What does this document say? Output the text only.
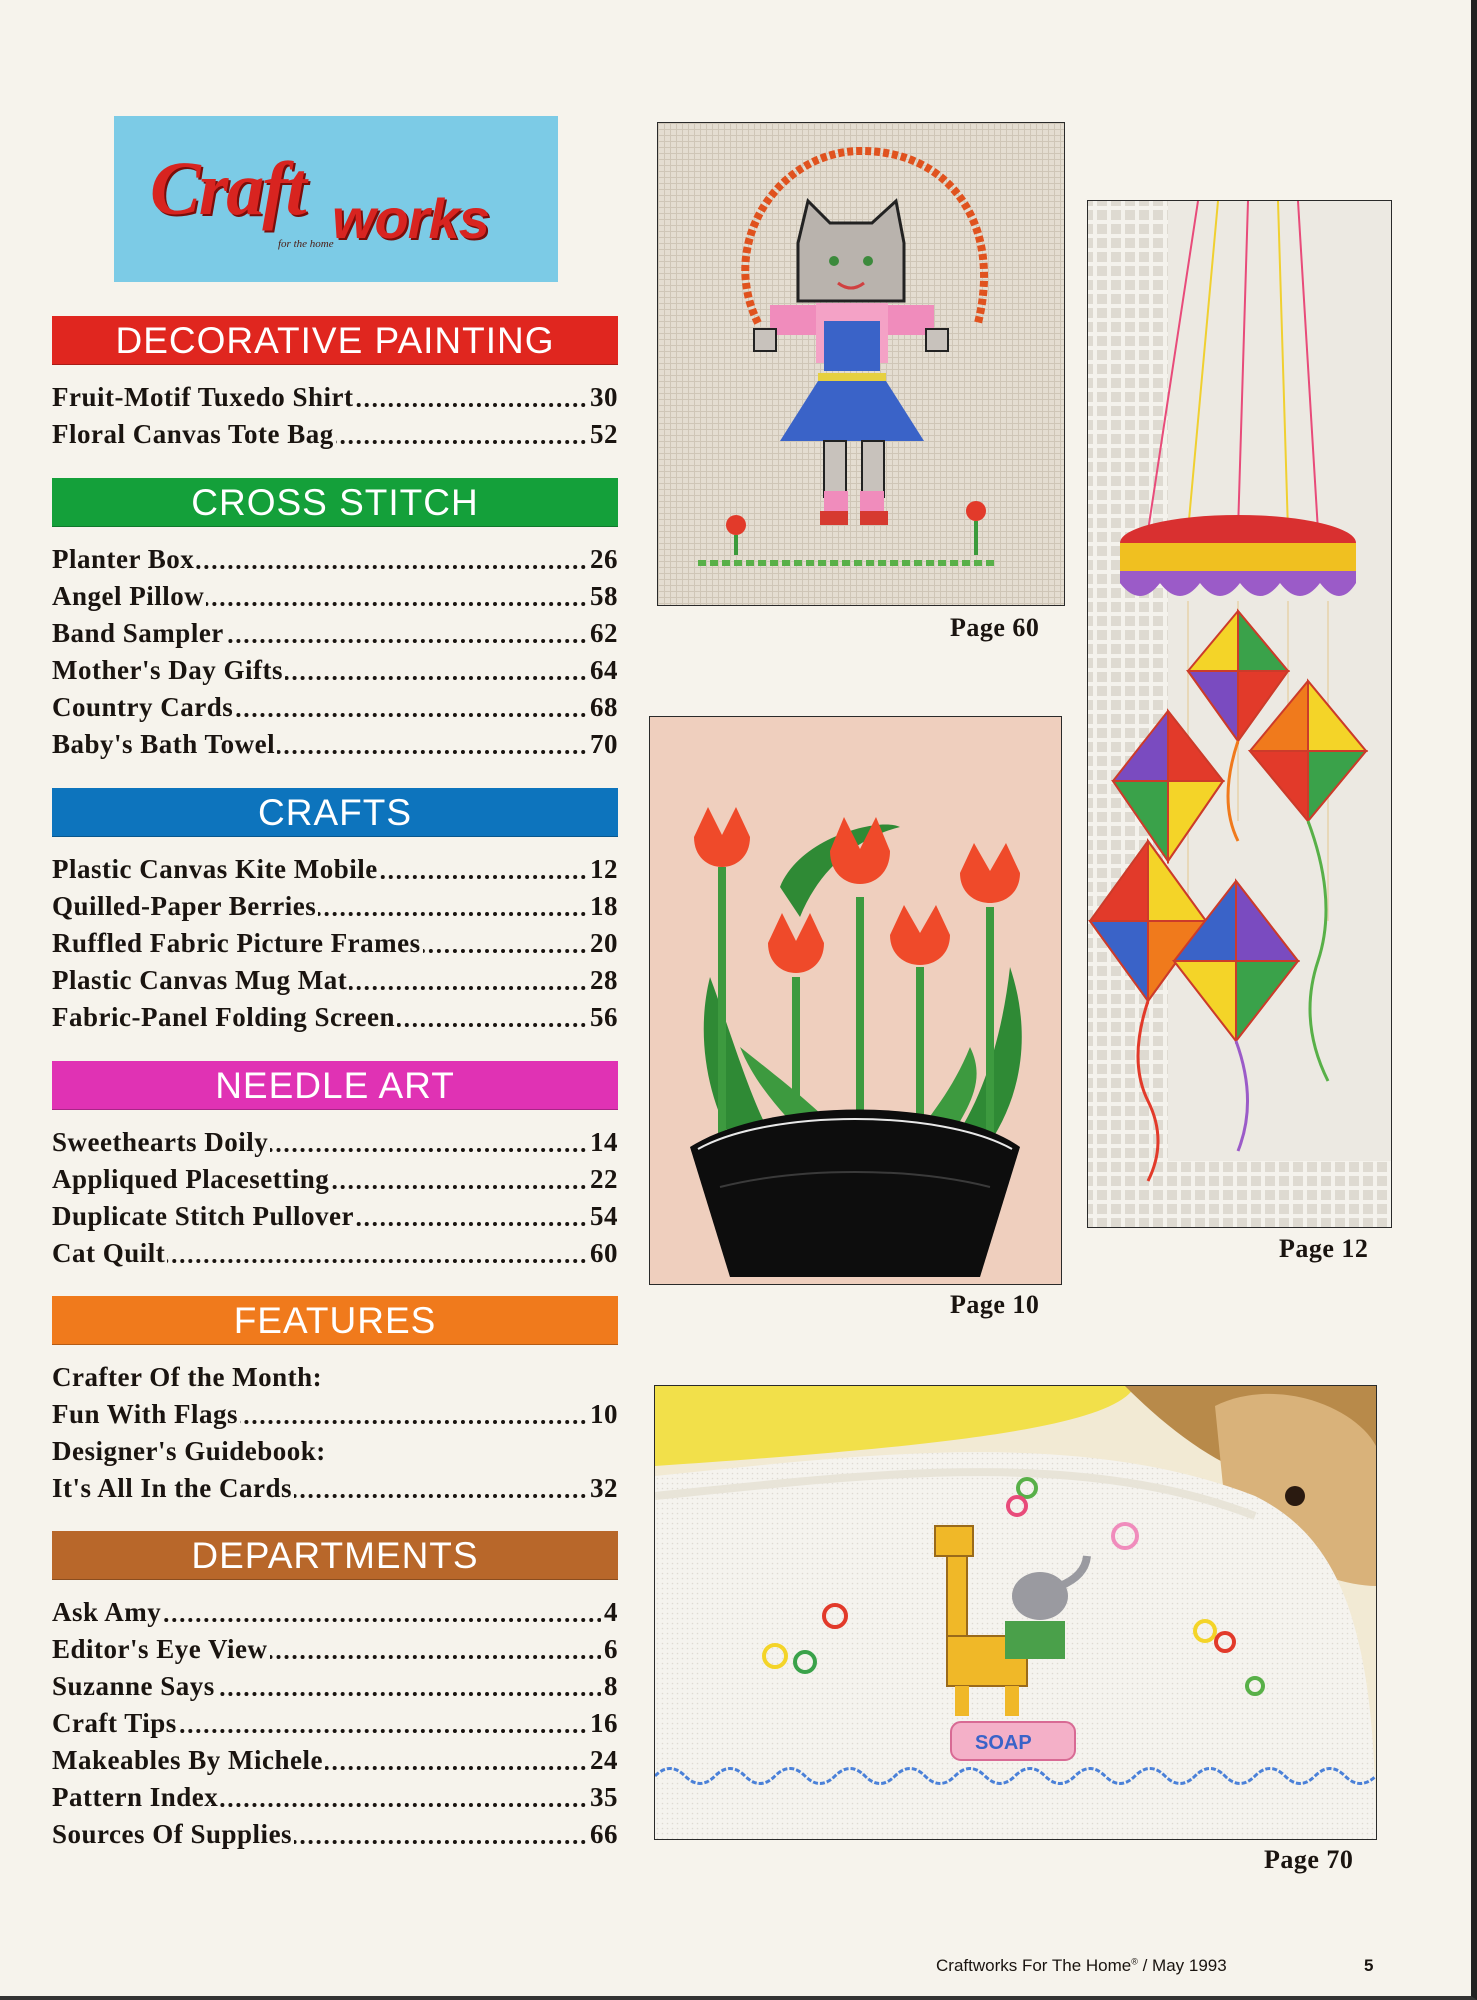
Craft works
for the home
DECORATIVE PAINTING
Fruit-Motif Tuxedo Shirt	30
Floral Canvas Tote Bag	52
CROSS STITCH
Planter Box	26
Angel Pillow	58
Band Sampler	62
Mother's Day Gifts	64
Country Cards	68
Baby's Bath Towel	70
CRAFTS
Plastic Canvas Kite Mobile	12
Quilled-Paper Berries	18
Ruffled Fabric Picture Frames	20
Plastic Canvas Mug Mat	28
Fabric-Panel Folding Screen	56
NEEDLE ART
Sweethearts Doily	14
Appliqued Placesetting	22
Duplicate Stitch Pullover	54
Cat Quilt	60
FEATURES
Crafter Of the Month:
Fun With Flags	10
Designer's Guidebook:
It's All In the Cards	32
DEPARTMENTS
Ask Amy	4
Editor's Eye View	6
Suzanne Says	8
Craft Tips	16
Makeables By Michele	24
Pattern Index	35
Sources Of Supplies	66
Page 60
Page 10
Page 12
SOAP
Page 70
Craftworks For The Home® / May 1993	5
